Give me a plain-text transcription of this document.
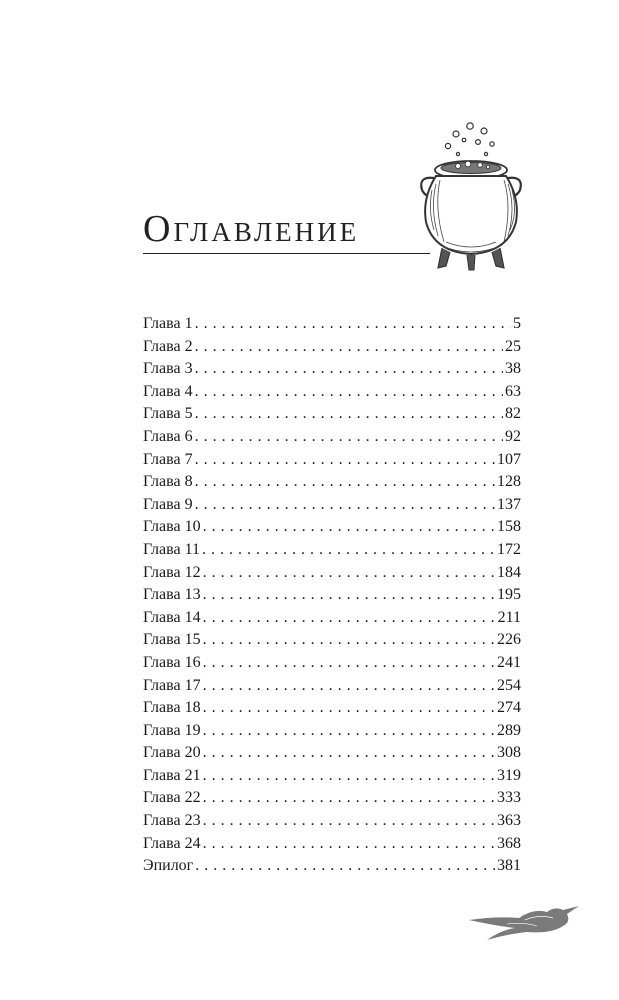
Оглавление
Глава 1 . . .	5
Глава 2 . . .	25
Глава 3 . . .	38
Глава 4 . . .	63
Глава 5 . . .	82
Глава 6 . . .	92
Глава 7 . . .	107
Глава 8 . . .	128
Глава 9 . . .	137
Глава 10 . . .	158
Глава 11 . . .	172
Глава 12 . . .	184
Глава 13 . . .	195
Глава 14 . . .	211
Глава 15 . . .	226
Глава 16 . . .	241
Глава 17 . . .	254
Глава 18 . . .	274
Глава 19 . . .	289
Глава 20 . . .	308
Глава 21 . . .	319
Глава 22 . . .	333
Глава 23 . . .	363
Глава 24 . . .	368
Эпилог . . .	381
